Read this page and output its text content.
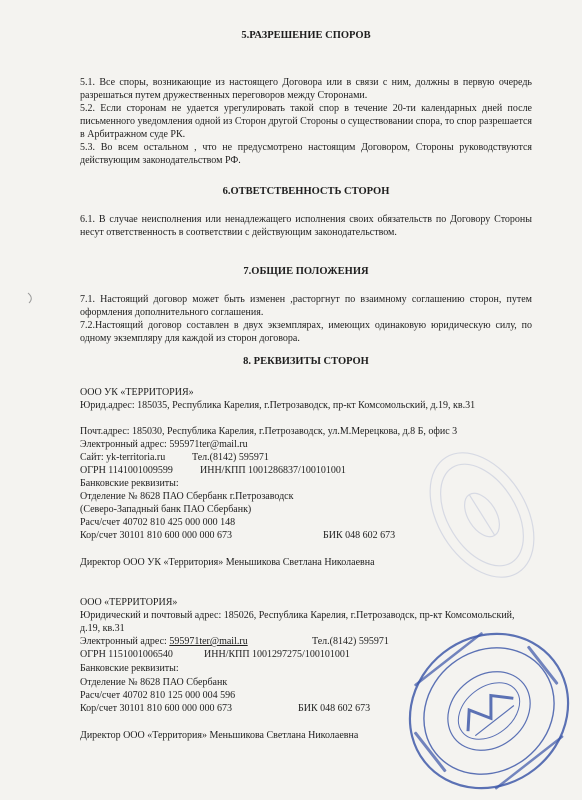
5.РАЗРЕШЕНИЕ СПОРОВ
5.1. Все споры, возникающие из настоящего Договора или в связи с ним, должны в первую очередь разрешаться путем дружественных переговоров между Сторонами.
5.2. Если сторонам не удается урегулировать такой спор в течение 20-ти календарных дней после письменного уведомления одной из Сторон другой Стороны о существовании спора, то спор разрешается в Арбитражном суде РК.
5.3. Во всем остальном , что не предусмотрено настоящим Договором, Стороны руководствуются действующим законодательством РФ.
6.ОТВЕТСТВЕННОСТЬ СТОРОН
6.1. В случае неисполнения или ненадлежащего исполнения своих обязательств по Договору Стороны несут ответственность в соответствии с действующим законодательством.
7.ОБЩИЕ ПОЛОЖЕНИЯ
7.1. Настоящий договор может быть изменен ,расторгнут по взаимному соглашению сторон, путем оформления дополнительного соглашения.
7.2.Настоящий договор составлен в двух экземплярах, имеющих одинаковую юридическую силу, по одному экземпляру для каждой из сторон договора.
8. РЕКВИЗИТЫ СТОРОН
ООО УК «ТЕРРИТОРИЯ»
Юрид.адрес: 185035, Республика Карелия, г.Петрозаводск, пр-кт Комсомольский, д.19, кв.31
Почт.адрес: 185030, Республика Карелия, г.Петрозаводск, ул.М.Мерецкова, д.8 Б, офис 3
Электронный адрес: 595971ter@mail.ru
Сайт: yk-territoria.ru	Тел.(8142) 595971
ОГРН 1141001009599	ИНН/КПП 1001286837/100101001
Банковские реквизиты:
Отделение № 8628 ПАО Сбербанк г.Петрозаводск
(Северо-Западный банк ПАО Сбербанк)
Расч/счет 40702 810 425 000 000 148
Кор/счет 30101 810 600 000 000 673	БИК 048 602 673
Директор ООО УК «Территория» Меньшикова Светлана Николаевна
ООО «ТЕРРИТОРИЯ»
Юридический и почтовый адрес: 185026, Республика Карелия, г.Петрозаводск, пр-кт Комсомольский, д.19, кв.31
Электронный адрес: 595971ter@mail.ru	Тел.(8142) 595971
ОГРН 1151001006540	ИНН/КПП 1001297275/100101001
Банковские реквизиты:
Отделение № 8628 ПАО Сбербанк
Расч/счет 40702 810 125 000 004 596
Кор/счет 30101 810 600 000 000 673	БИК 048 602 673
Директор ООО «Территория» Меньшикова Светлана Николаевна
